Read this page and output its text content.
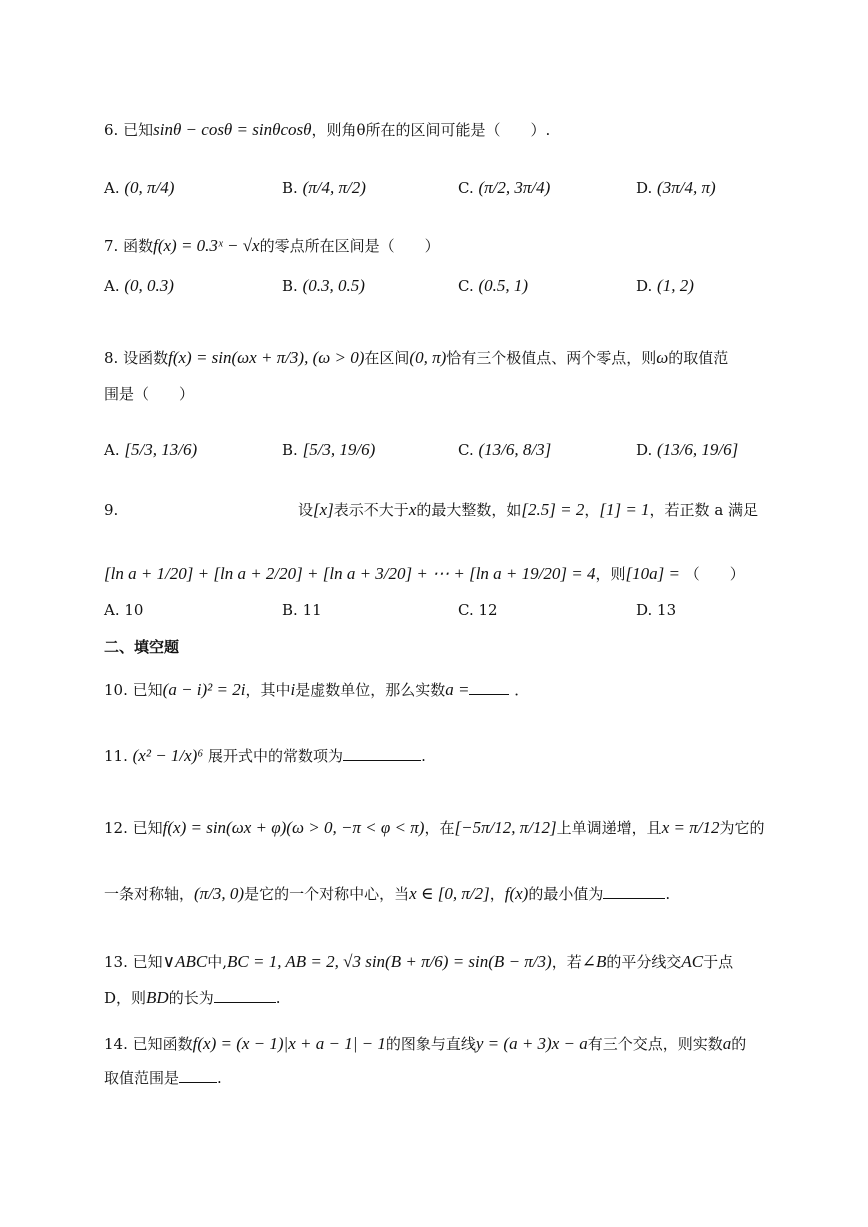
6. 已知sinθ − cosθ = sinθcosθ，则角θ所在的区间可能是（　　）.
A. (0, π/4)	B. (π/4, π/2)	C. (π/2, 3π/4)	D. (3π/4, π)
7. 函数f(x) = 0.3ˣ − √x的零点所在区间是（　　）
A. (0, 0.3)	B. (0.3, 0.5)	C. (0.5, 1)	D. (1, 2)
8. 设函数f(x) = sin(ωx + π/3), (ω > 0)在区间(0, π)恰有三个极值点、两个零点，则ω的取值范
围是（　　）
A. [5/3, 13/6)	B. [5/3, 19/6)	C. (13/6, 8/3]	D. (13/6, 19/6]
9.	设[x]表示不大于x的最大整数，如[2.5] = 2，[1] = 1，若正数 a 满足
[ln a + 1/20] + [ln a + 2/20] + [ln a + 3/20] + ⋯ + [ln a + 19/20] = 4，则[10a] = （　　）
A. 10	B. 11	C. 12	D. 13
二、填空题
10. 已知(a − i)² = 2i，其中i是虚数单位，那么实数a =	．
11. (x² − 1/x)⁶ 展开式中的常数项为	.
12. 已知f(x) = sin(ωx + φ)(ω > 0, −π < φ < π)，在[−5π/12, π/12]上单调递增，且x = π/12为它的
一条对称轴，(π/3, 0)是它的一个对称中心，当x ∈ [0, π/2]，f(x)的最小值为	.
13. 已知∨ABC中,BC = 1, AB = 2, √3 sin(B + π/6) = sin(B − π/3)，若∠B的平分线交AC于点
D，则BD的长为	.
14. 已知函数f(x) = (x − 1)|x + a − 1| − 1的图象与直线y = (a + 3)x − a有三个交点，则实数a的
取值范围是	.
